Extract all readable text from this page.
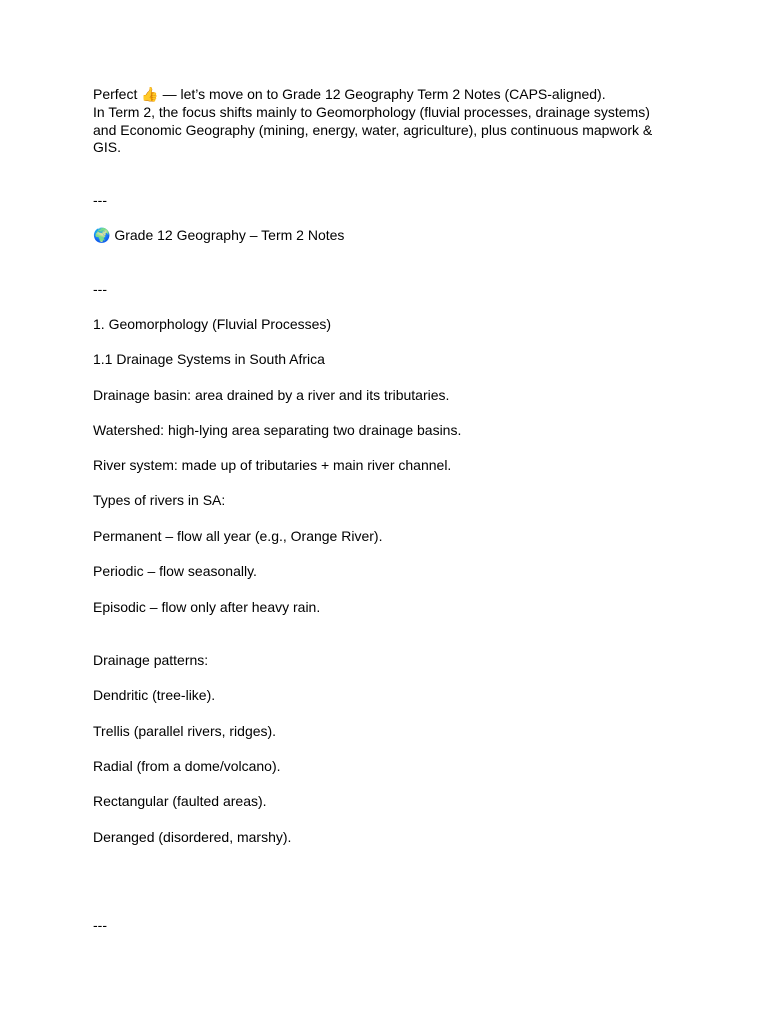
Perfect 👍 — let’s move on to Grade 12 Geography Term 2 Notes (CAPS-aligned).
In Term 2, the focus shifts mainly to Geomorphology (fluvial processes, drainage systems) and Economic Geography (mining, energy, water, agriculture), plus continuous mapwork & GIS.
---
🌍 Grade 12 Geography – Term 2 Notes
---
1. Geomorphology (Fluvial Processes)
1.1 Drainage Systems in South Africa
Drainage basin: area drained by a river and its tributaries.
Watershed: high-lying area separating two drainage basins.
River system: made up of tributaries + main river channel.
Types of rivers in SA:
Permanent – flow all year (e.g., Orange River).
Periodic – flow seasonally.
Episodic – flow only after heavy rain.
Drainage patterns:
Dendritic (tree-like).
Trellis (parallel rivers, ridges).
Radial (from a dome/volcano).
Rectangular (faulted areas).
Deranged (disordered, marshy).
---
